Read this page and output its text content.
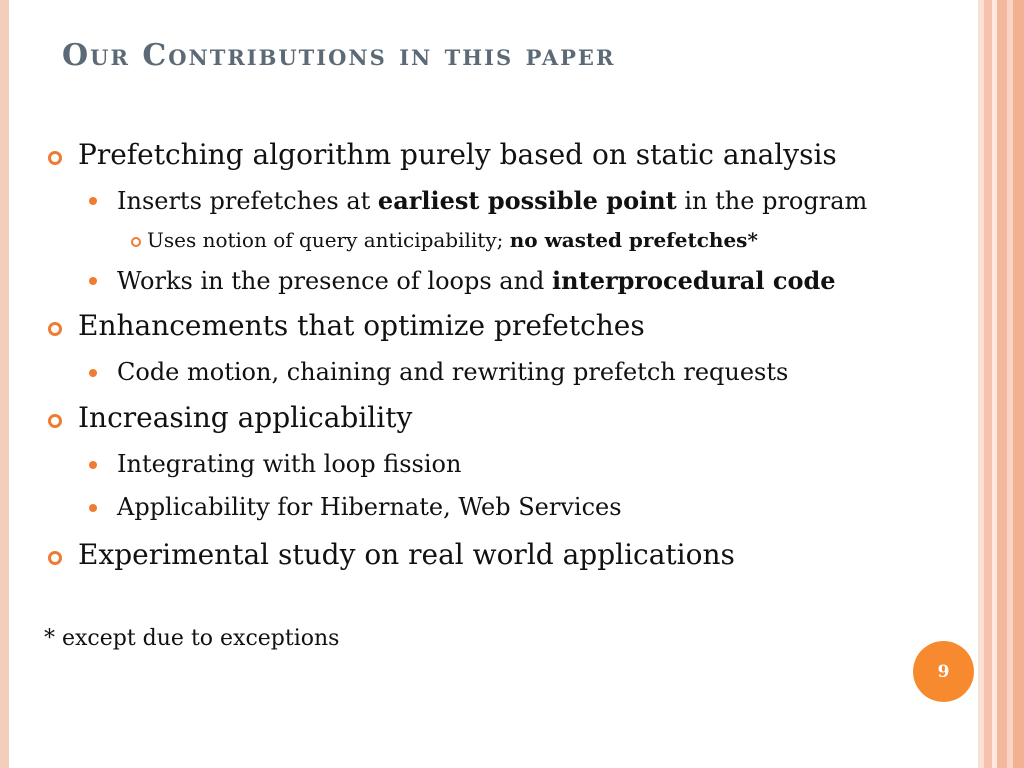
Our Contributions in this paper
Prefetching algorithm purely based on static analysis
Inserts prefetches at earliest possible point in the program
Uses notion of query anticipability; no wasted prefetches*
Works in the presence of loops and interprocedural code
Enhancements that optimize prefetches
Code motion, chaining and rewriting prefetch requests
Increasing applicability
Integrating with loop fission
Applicability for Hibernate, Web Services
Experimental study on real world applications
* except due to exceptions
9
